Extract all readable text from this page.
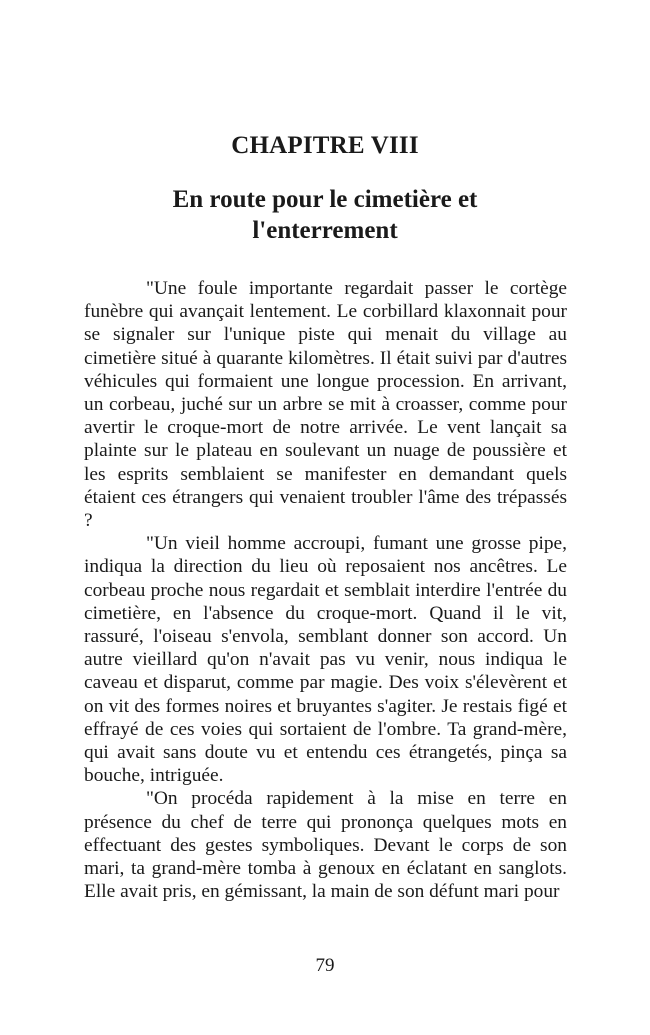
CHAPITRE VIII
En route pour le cimetière et l'enterrement

"Une foule importante regardait passer le cortège funèbre qui avançait lentement. Le corbillard klaxonnait pour se signaler sur l'unique piste qui menait du village au cimetière situé à quarante kilomètres. Il était suivi par d'autres véhicules qui formaient une longue procession. En arrivant, un corbeau, juché sur un arbre se mit à croasser, comme pour avertir le croque-mort de notre arrivée. Le vent lançait sa plainte sur le plateau en soulevant un nuage de poussière et les esprits semblaient se manifester en demandant quels étaient ces étrangers qui venaient troubler l'âme des trépassés ?

"Un vieil homme accroupi, fumant une grosse pipe, indiqua la direction du lieu où reposaient nos ancêtres. Le corbeau proche nous regardait et semblait interdire l'entrée du cimetière, en l'absence du croque-mort. Quand il le vit, rassuré, l'oiseau s'envola, semblant donner son accord. Un autre vieillard qu'on n'avait pas vu venir, nous indiqua le caveau et disparut, comme par magie. Des voix s'élevèrent et on vit des formes noires et bruyantes s'agiter. Je restais figé et effrayé de ces voies qui sortaient de l'ombre. Ta grand-mère, qui avait sans doute vu et entendu ces étrangetés, pinça sa bouche, intriguée.

"On procéda rapidement à la mise en terre en présence du chef de terre qui prononça quelques mots en effectuant des gestes symboliques. Devant le corps de son mari, ta grand-mère tomba à genoux en éclatant en sanglots. Elle avait pris, en gémissant, la main de son défunt mari pour

79
